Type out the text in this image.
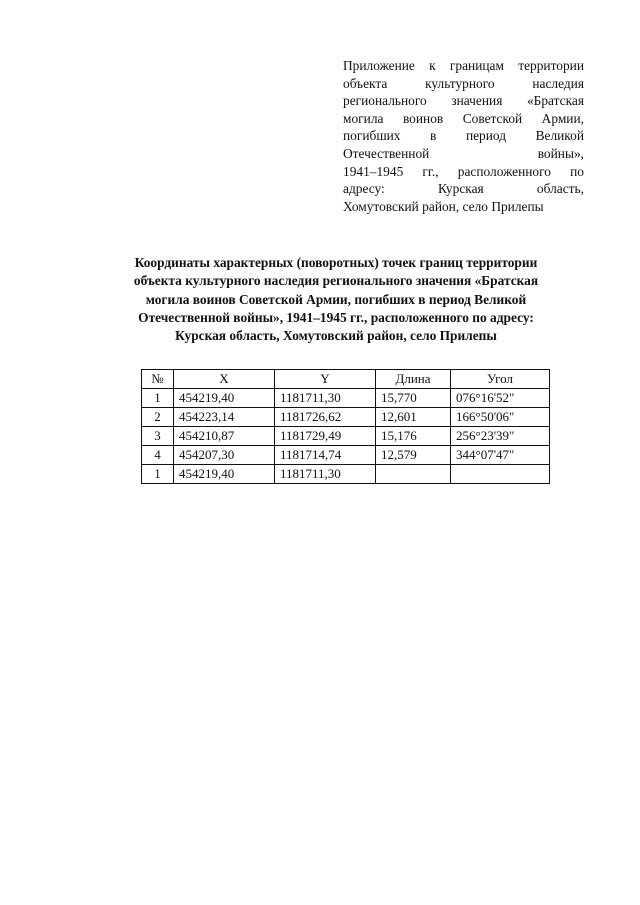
Приложение к границам территории
объекта культурного наследия
регионального значения «Братская
могила воинов Советской Армии,
погибших в период Великой
Отечественной войны»,
1941–1945 гг., расположенного по
адресу: Курская область,
Хомутовский район, село Прилепы
Координаты характерных (поворотных) точек границ территории
объекта культурного наследия регионального значения «Братская
могила воинов Советской Армии, погибших в период Великой
Отечественной войны», 1941–1945 гг., расположенного по адресу:
Курская область, Хомутовский район, село Прилепы
№	X	Y	Длина	Угол
1	454219,40	1181711,30	15,770	076°16'52"
2	454223,14	1181726,62	12,601	166°50'06"
3	454210,87	1181729,49	15,176	256°23'39"
4	454207,30	1181714,74	12,579	344°07'47"
1	454219,40	1181711,30		
